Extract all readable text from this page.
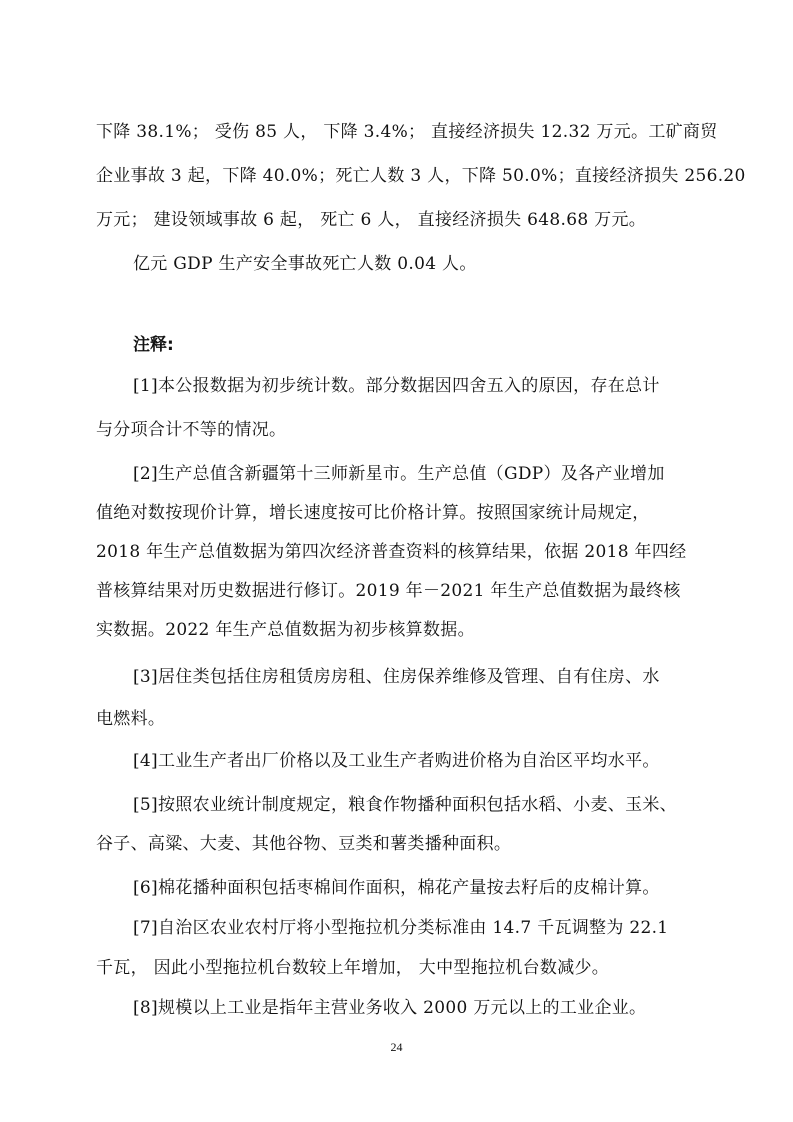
下降 38.1%； 受伤 85 人， 下降 3.4%； 直接经济损失 12.32 万元。工矿商贸
企业事故 3 起，下降 40.0%；死亡人数 3 人，下降 50.0%；直接经济损失 256.20
万元； 建设领域事故 6 起， 死亡 6 人， 直接经济损失 648.68 万元。
亿元 GDP 生产安全事故死亡人数 0.04 人。
注释:
[1]本公报数据为初步统计数。部分数据因四舍五入的原因，存在总计
与分项合计不等的情况。
[2]生产总值含新疆第十三师新星市。生产总值（GDP）及各产业增加
值绝对数按现价计算，增长速度按可比价格计算。按照国家统计局规定，
2018 年生产总值数据为第四次经济普查资料的核算结果，依据 2018 年四经
普核算结果对历史数据进行修订。2019 年－2021 年生产总值数据为最终核
实数据。2022 年生产总值数据为初步核算数据。
[3]居住类包括住房租赁房房租、住房保养维修及管理、自有住房、水
电燃料。
[4]工业生产者出厂价格以及工业生产者购进价格为自治区平均水平。
[5]按照农业统计制度规定，粮食作物播种面积包括水稻、小麦、玉米、
谷子、高粱、大麦、其他谷物、豆类和薯类播种面积。
[6]棉花播种面积包括枣棉间作面积，棉花产量按去籽后的皮棉计算。
[7]自治区农业农村厅将小型拖拉机分类标准由 14.7 千瓦调整为 22.1
千瓦， 因此小型拖拉机台数较上年增加， 大中型拖拉机台数减少。
[8]规模以上工业是指年主营业务收入 2000 万元以上的工业企业。
24
